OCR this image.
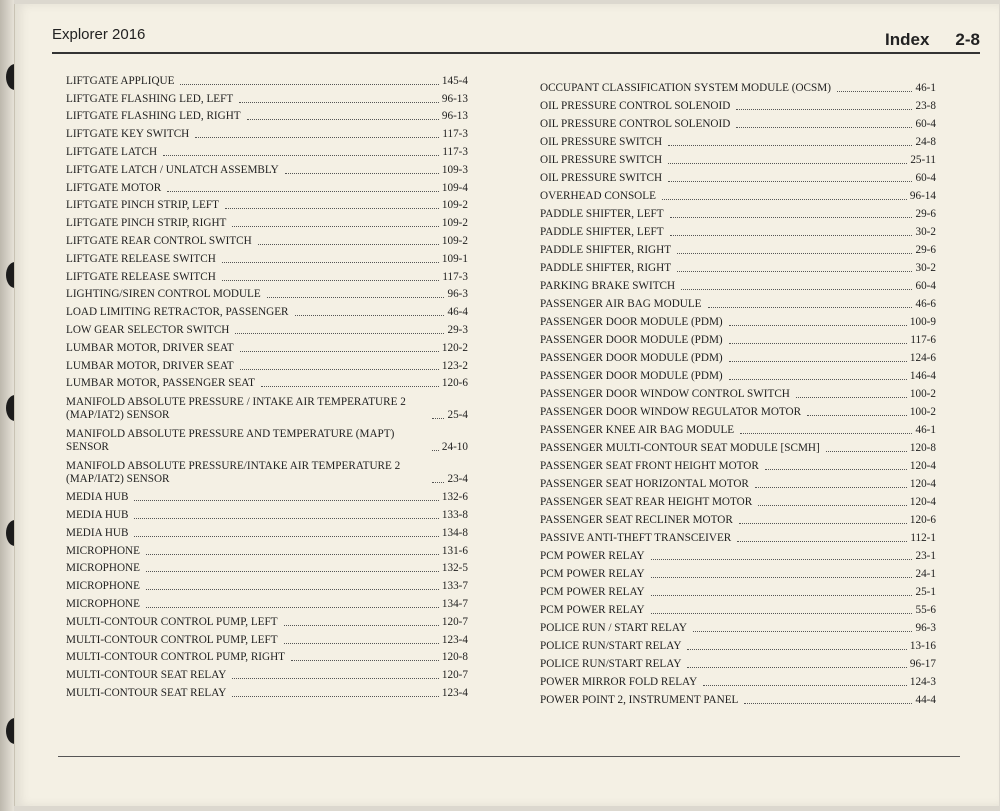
Explorer 2016	Index 2-8
LIFTGATE APPLIQUE	145-4
LIFTGATE FLASHING LED, LEFT	96-13
LIFTGATE FLASHING LED, RIGHT	96-13
LIFTGATE KEY SWITCH	117-3
LIFTGATE LATCH	117-3
LIFTGATE LATCH / UNLATCH ASSEMBLY	109-3
LIFTGATE MOTOR	109-4
LIFTGATE PINCH STRIP, LEFT	109-2
LIFTGATE PINCH STRIP, RIGHT	109-2
LIFTGATE REAR CONTROL SWITCH	109-2
LIFTGATE RELEASE SWITCH	109-1
LIFTGATE RELEASE SWITCH	117-3
LIGHTING/SIREN CONTROL MODULE	96-3
LOAD LIMITING RETRACTOR, PASSENGER	46-4
LOW GEAR SELECTOR SWITCH	29-3
LUMBAR MOTOR, DRIVER SEAT	120-2
LUMBAR MOTOR, DRIVER SEAT	123-2
LUMBAR MOTOR, PASSENGER SEAT	120-6
MANIFOLD ABSOLUTE PRESSURE / INTAKE AIR TEMPERATURE 2 (MAP/IAT2) SENSOR	25-4
MANIFOLD ABSOLUTE PRESSURE AND TEMPERATURE (MAPT) SENSOR	24-10
MANIFOLD ABSOLUTE PRESSURE/INTAKE AIR TEMPERATURE 2 (MAP/IAT2) SENSOR	23-4
MEDIA HUB	132-6
MEDIA HUB	133-8
MEDIA HUB	134-8
MICROPHONE	131-6
MICROPHONE	132-5
MICROPHONE	133-7
MICROPHONE	134-7
MULTI-CONTOUR CONTROL PUMP, LEFT	120-7
MULTI-CONTOUR CONTROL PUMP, LEFT	123-4
MULTI-CONTOUR CONTROL PUMP, RIGHT	120-8
MULTI-CONTOUR SEAT RELAY	120-7
MULTI-CONTOUR SEAT RELAY	123-4
OCCUPANT CLASSIFICATION SYSTEM MODULE (OCSM)	46-1
OIL PRESSURE CONTROL SOLENOID	23-8
OIL PRESSURE CONTROL SOLENOID	60-4
OIL PRESSURE SWITCH	24-8
OIL PRESSURE SWITCH	25-11
OIL PRESSURE SWITCH	60-4
OVERHEAD CONSOLE	96-14
PADDLE SHIFTER, LEFT	29-6
PADDLE SHIFTER, LEFT	30-2
PADDLE SHIFTER, RIGHT	29-6
PADDLE SHIFTER, RIGHT	30-2
PARKING BRAKE SWITCH	60-4
PASSENGER AIR BAG MODULE	46-6
PASSENGER DOOR MODULE (PDM)	100-9
PASSENGER DOOR MODULE (PDM)	117-6
PASSENGER DOOR MODULE (PDM)	124-6
PASSENGER DOOR MODULE (PDM)	146-4
PASSENGER DOOR WINDOW CONTROL SWITCH	100-2
PASSENGER DOOR WINDOW REGULATOR MOTOR	100-2
PASSENGER KNEE AIR BAG MODULE	46-1
PASSENGER MULTI-CONTOUR SEAT MODULE [SCMH]	120-8
PASSENGER SEAT FRONT HEIGHT MOTOR	120-4
PASSENGER SEAT HORIZONTAL MOTOR	120-4
PASSENGER SEAT REAR HEIGHT MOTOR	120-4
PASSENGER SEAT RECLINER MOTOR	120-6
PASSIVE ANTI-THEFT TRANSCEIVER	112-1
PCM POWER RELAY	23-1
PCM POWER RELAY	24-1
PCM POWER RELAY	25-1
PCM POWER RELAY	55-6
POLICE RUN / START RELAY	96-3
POLICE RUN/START RELAY	13-16
POLICE RUN/START RELAY	96-17
POWER MIRROR FOLD RELAY	124-3
POWER POINT 2, INSTRUMENT PANEL	44-4
